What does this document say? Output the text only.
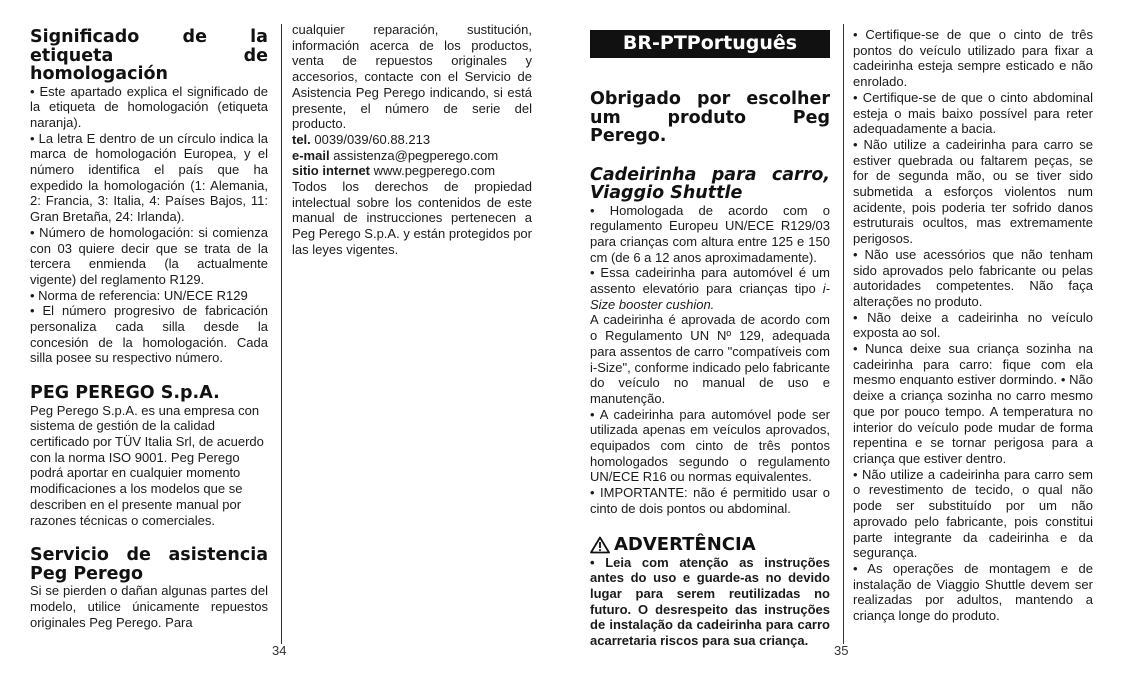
Significado de la etiqueta de homologación

• Este apartado explica el significado de la etiqueta de homologación (etiqueta naranja).

• La letra E dentro de un círculo indica la marca de homologación Europea, y el número identifica el país que ha expedido la homologación (1: Alemania, 2: Francia, 3: Italia, 4: Países Bajos, 11: Gran Bretaña, 24: Irlanda).

• Número de homologación: si comienza con 03 quiere decir que se trata de la tercera enmienda (la actualmente vigente) del reglamento R129.

• Norma de referencia: UN/ECE R129

• El número progresivo de fabricación personaliza cada silla desde la concesión de la homologación. Cada silla posee su respectivo número.

PEG PEREGO S.p.A.

Peg Perego S.p.A. es una empresa con sistema de gestión de la calidad certificado por TÜV Italia Srl, de acuerdo con la norma ISO 9001. Peg Perego podrá aportar en cualquier momento modificaciones a los modelos que se describen en el presente manual por razones técnicas o comerciales.

Servicio de asistencia Peg Perego

Si se pierden o dañan algunas partes del modelo, utilice únicamente repuestos originales Peg Perego. Para

34

cualquier reparación, sustitución, información acerca de los productos, venta de repuestos originales y accesorios, contacte con el Servicio de Asistencia Peg Perego indicando, si está presente, el número de serie del producto.

tel. 0039/039/60.88.213

e-mail assistenza@pegperego.com

sitio internet www.pegperego.com

Todos los derechos de propiedad intelectual sobre los contenidos de este manual de instrucciones pertenecen a Peg Perego S.p.A. y están protegidos por las leyes vigentes.

BR-PT Português
Obrigado por escolher um produto Peg Perego.
Cadeirinha para carro, Viaggio Shuttle

• Homologada de acordo com o regulamento Europeu UN/ECE R129/03 para crianças com altura entre 125 e 150 cm (de 6 a 12 anos aproximadamente).

• Essa cadeirinha para automóvel é um assento elevatório para crianças tipo i-Size booster cushion.

A cadeirinha é aprovada de acordo com o Regulamento UN Nº 129, adequada para assentos de carro "compatíveis com i-Size", conforme indicado pelo fabricante do veículo no manual de uso e manutenção.

• A cadeirinha para automóvel pode ser utilizada apenas em veículos aprovados, equipados com cinto de três pontos homologados segundo o regulamento UN/ECE R16 ou normas equivalentes.

• IMPORTANTE: não é permitido usar o cinto de dois pontos ou abdominal.

ADVERTÊNCIA

• Leia com atenção as instruções antes do uso e guarde-as no devido lugar para serem reutilizadas no futuro. O desrespeito das instruções de instalação da cadeirinha para carro acarretaria riscos para sua criança.

35

• Certifique-se de que o cinto de três pontos do veículo utilizado para fixar a cadeirinha esteja sempre esticado e não enrolado.

• Certifique-se de que o cinto abdominal esteja o mais baixo possível para reter adequadamente a bacia.

• Não utilize a cadeirinha para carro se estiver quebrada ou faltarem peças, se for de segunda mão, ou se tiver sido submetida a esforços violentos num acidente, pois poderia ter sofrido danos estruturais ocultos, mas extremamente perigosos.

• Não use acessórios que não tenham sido aprovados pelo fabricante ou pelas autoridades competentes. Não faça alterações no produto.

• Não deixe a cadeirinha no veículo exposta ao sol.

• Nunca deixe sua criança sozinha na cadeirinha para carro: fique com ela mesmo enquanto estiver dormindo. • Não deixe a criança sozinha no carro mesmo que por pouco tempo. A temperatura no interior do veículo pode mudar de forma repentina e se tornar perigosa para a criança que estiver dentro.

• Não utilize a cadeirinha para carro sem o revestimento de tecido, o qual não pode ser substituído por um não aprovado pelo fabricante, pois constitui parte integrante da cadeirinha e da segurança.

• As operações de montagem e de instalação de Viaggio Shuttle devem ser realizadas por adultos, mantendo a criança longe do produto.
